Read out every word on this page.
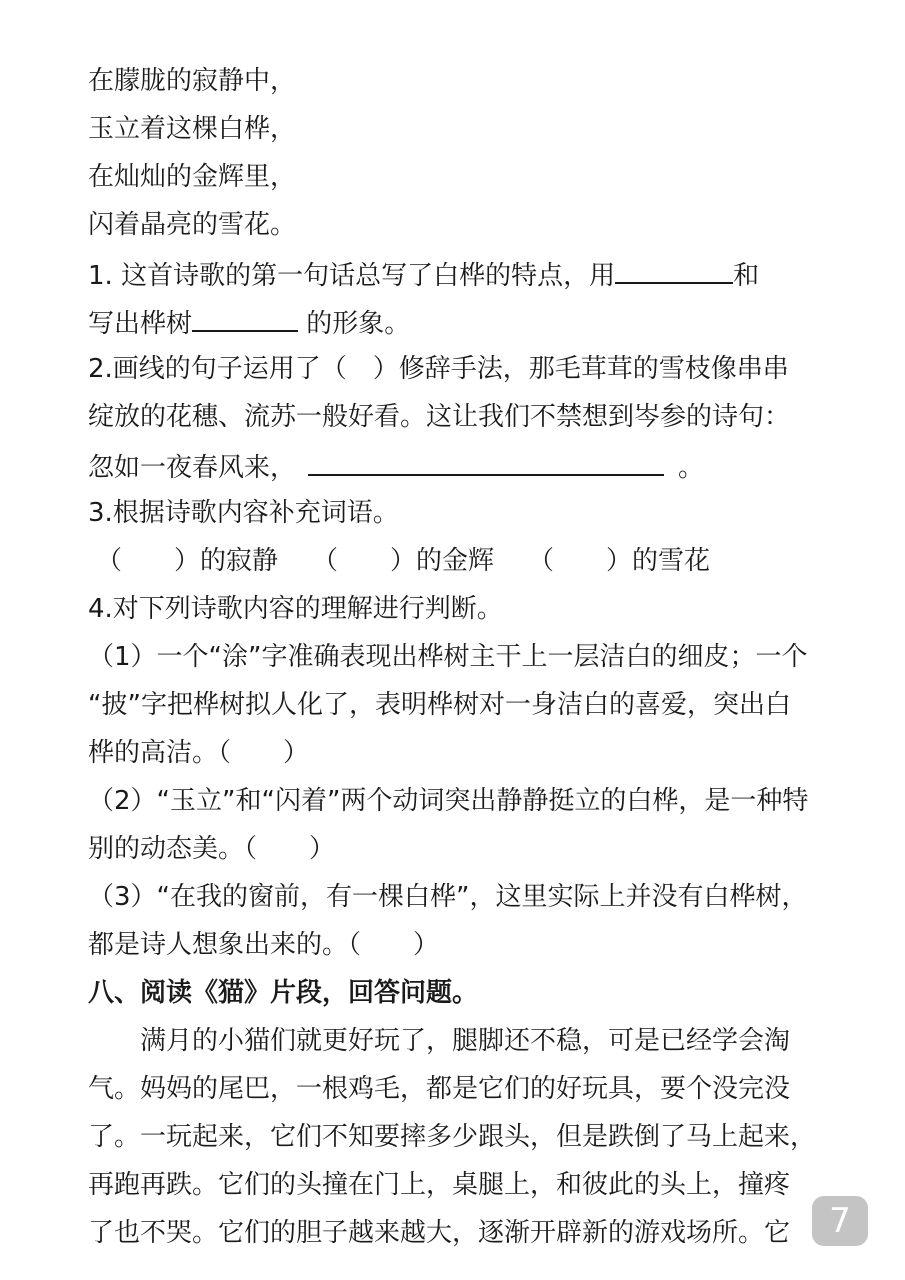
在朦胧的寂静中，
玉立着这棵白桦，
在灿灿的金辉里，
闪着晶亮的雪花。
1. 这首诗歌的第一句话总写了白桦的特点，用	和
写出桦树	的形象。
2.画线的句子运用了（　）修辞手法，那毛茸茸的雪枝像串串
绽放的花穗、流苏一般好看。这让我们不禁想到岑参的诗句：
忽如一夜春风来，	。
3.根据诗歌内容补充词语。
（　　）的寂静 （　　）的金辉 （　　）的雪花
4.对下列诗歌内容的理解进行判断。
（1）一个“涂”字准确表现出桦树主干上一层洁白的细皮；一个
“披”字把桦树拟人化了，表明桦树对一身洁白的喜爱，突出白
桦的高洁。（　　）
（2）“玉立”和“闪着”两个动词突出静静挺立的白桦，是一种特
别的动态美。（　　）
（3）“在我的窗前，有一棵白桦”，这里实际上并没有白桦树，
都是诗人想象出来的。（　　）
八、阅读《猫》片段，回答问题。
　　满月的小猫们就更好玩了，腿脚还不稳，可是已经学会淘
气。妈妈的尾巴，一根鸡毛，都是它们的好玩具，要个没完没
了。一玩起来，它们不知要摔多少跟头，但是跌倒了马上起来，
再跑再跌。它们的头撞在门上，桌腿上，和彼此的头上，撞疼
了也不哭。它们的胆子越来越大，逐渐开辟新的游戏场所。它	7
